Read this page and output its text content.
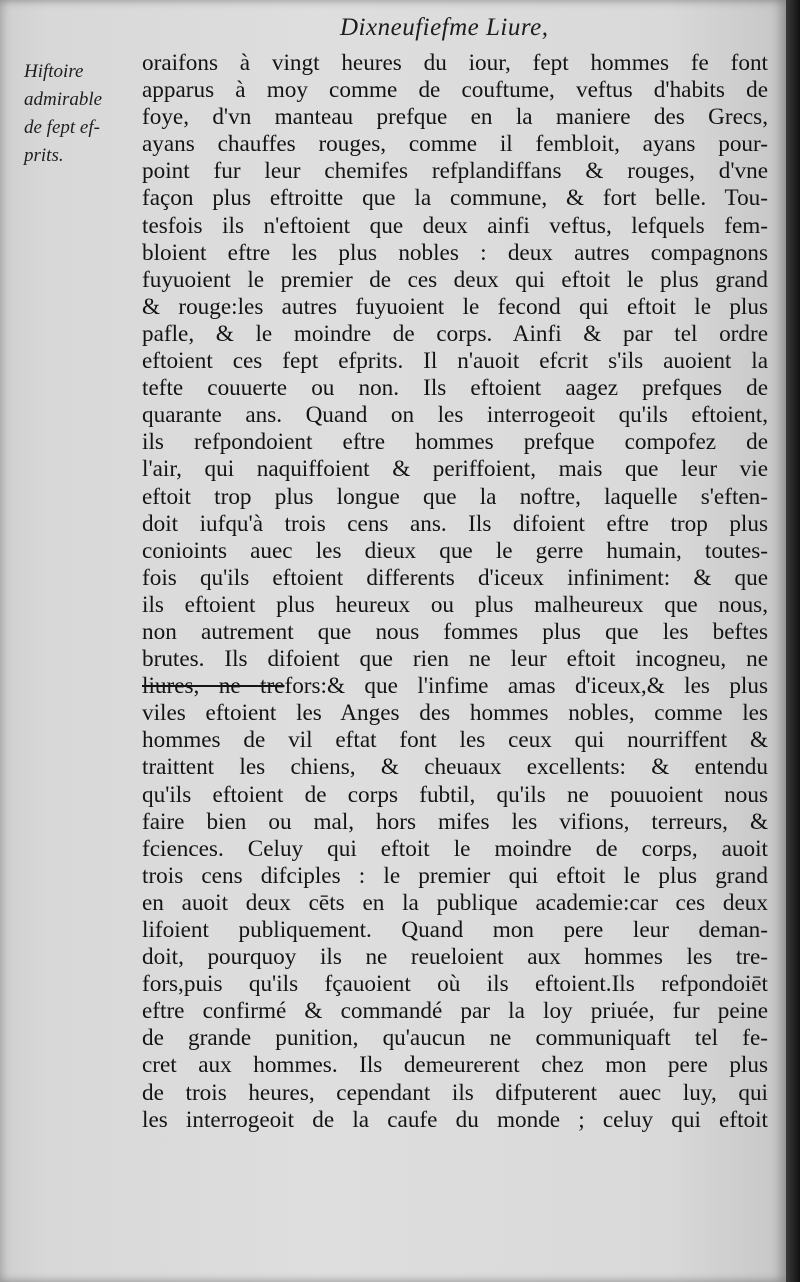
Dixneufiefme Liure,
Hiftoire
admirable
de fept ef-
prits.
oraifons à vingt heures du iour, fept hommes fe font
apparus à moy comme de couftume, veftus d'habits de
foye, d'vn manteau prefque en la maniere des Grecs,
ayans chauffes rouges, comme il fembloit, ayans pour-
point fur leur chemifes refplandiffans & rouges, d'vne
façon plus eftroitte que la commune, & fort belle. Tou-
tesfois ils n'eftoient que deux ainfi veftus, lefquels fem-
bloient eftre les plus nobles : deux autres compagnons
fuyuoient le premier de ces deux qui eftoit le plus grand
& rouge:les autres fuyuoient le fecond qui eftoit le plus
pafle, & le moindre de corps. Ainfi & par tel ordre
eftoient ces fept efprits. Il n'auoit efcrit s'ils auoient la
tefte couuerte ou non. Ils eftoient aagez prefques de
quarante ans. Quand on les interrogeoit qu'ils eftoient,
ils refpondoient eftre hommes prefque compofez de
l'air, qui naquiffoient & periffoient, mais que leur vie
eftoit trop plus longue que la noftre, laquelle s'eften-
doit iufqu'à trois cens ans. Ils difoient eftre trop plus
conioints auec les dieux que le gerre humain, toutes-
fois qu'ils eftoient differents d'iceux infiniment: & que
ils eftoient plus heureux ou plus malheureux que nous,
non autrement que nous fommes plus que les beftes
brutes. Ils difoient que rien ne leur eftoit incogneu, ne
liures, ne trefors:& que l'infime amas d'iceux,& les plus
viles eftoient les Anges des hommes nobles, comme les
hommes de vil eftat font les ceux qui nourriffent &
traittent les chiens, & cheuaux excellents: & entendu
qu'ils eftoient de corps fubtil, qu'ils ne pouuoient nous
faire bien ou mal, hors mifes les vifions, terreurs, &
fciences. Celuy qui eftoit le moindre de corps, auoit
trois cens difciples : le premier qui eftoit le plus grand
en auoit deux cēts en la publique academie:car ces deux
lifoient publiquement. Quand mon pere leur deman-
doit, pourquoy ils ne reueloient aux hommes les tre-
fors,puis qu'ils fçauoient où ils eftoient.Ils refpondoiēt
eftre confirmé & commandé par la loy priuée, fur peine
de grande punition, qu'aucun ne communiquaft tel fe-
cret aux hommes. Ils demeurerent chez mon pere plus
de trois heures, cependant ils difputerent auec luy, qui
les interrogeoit de la caufe du monde ; celuy qui eftoit
